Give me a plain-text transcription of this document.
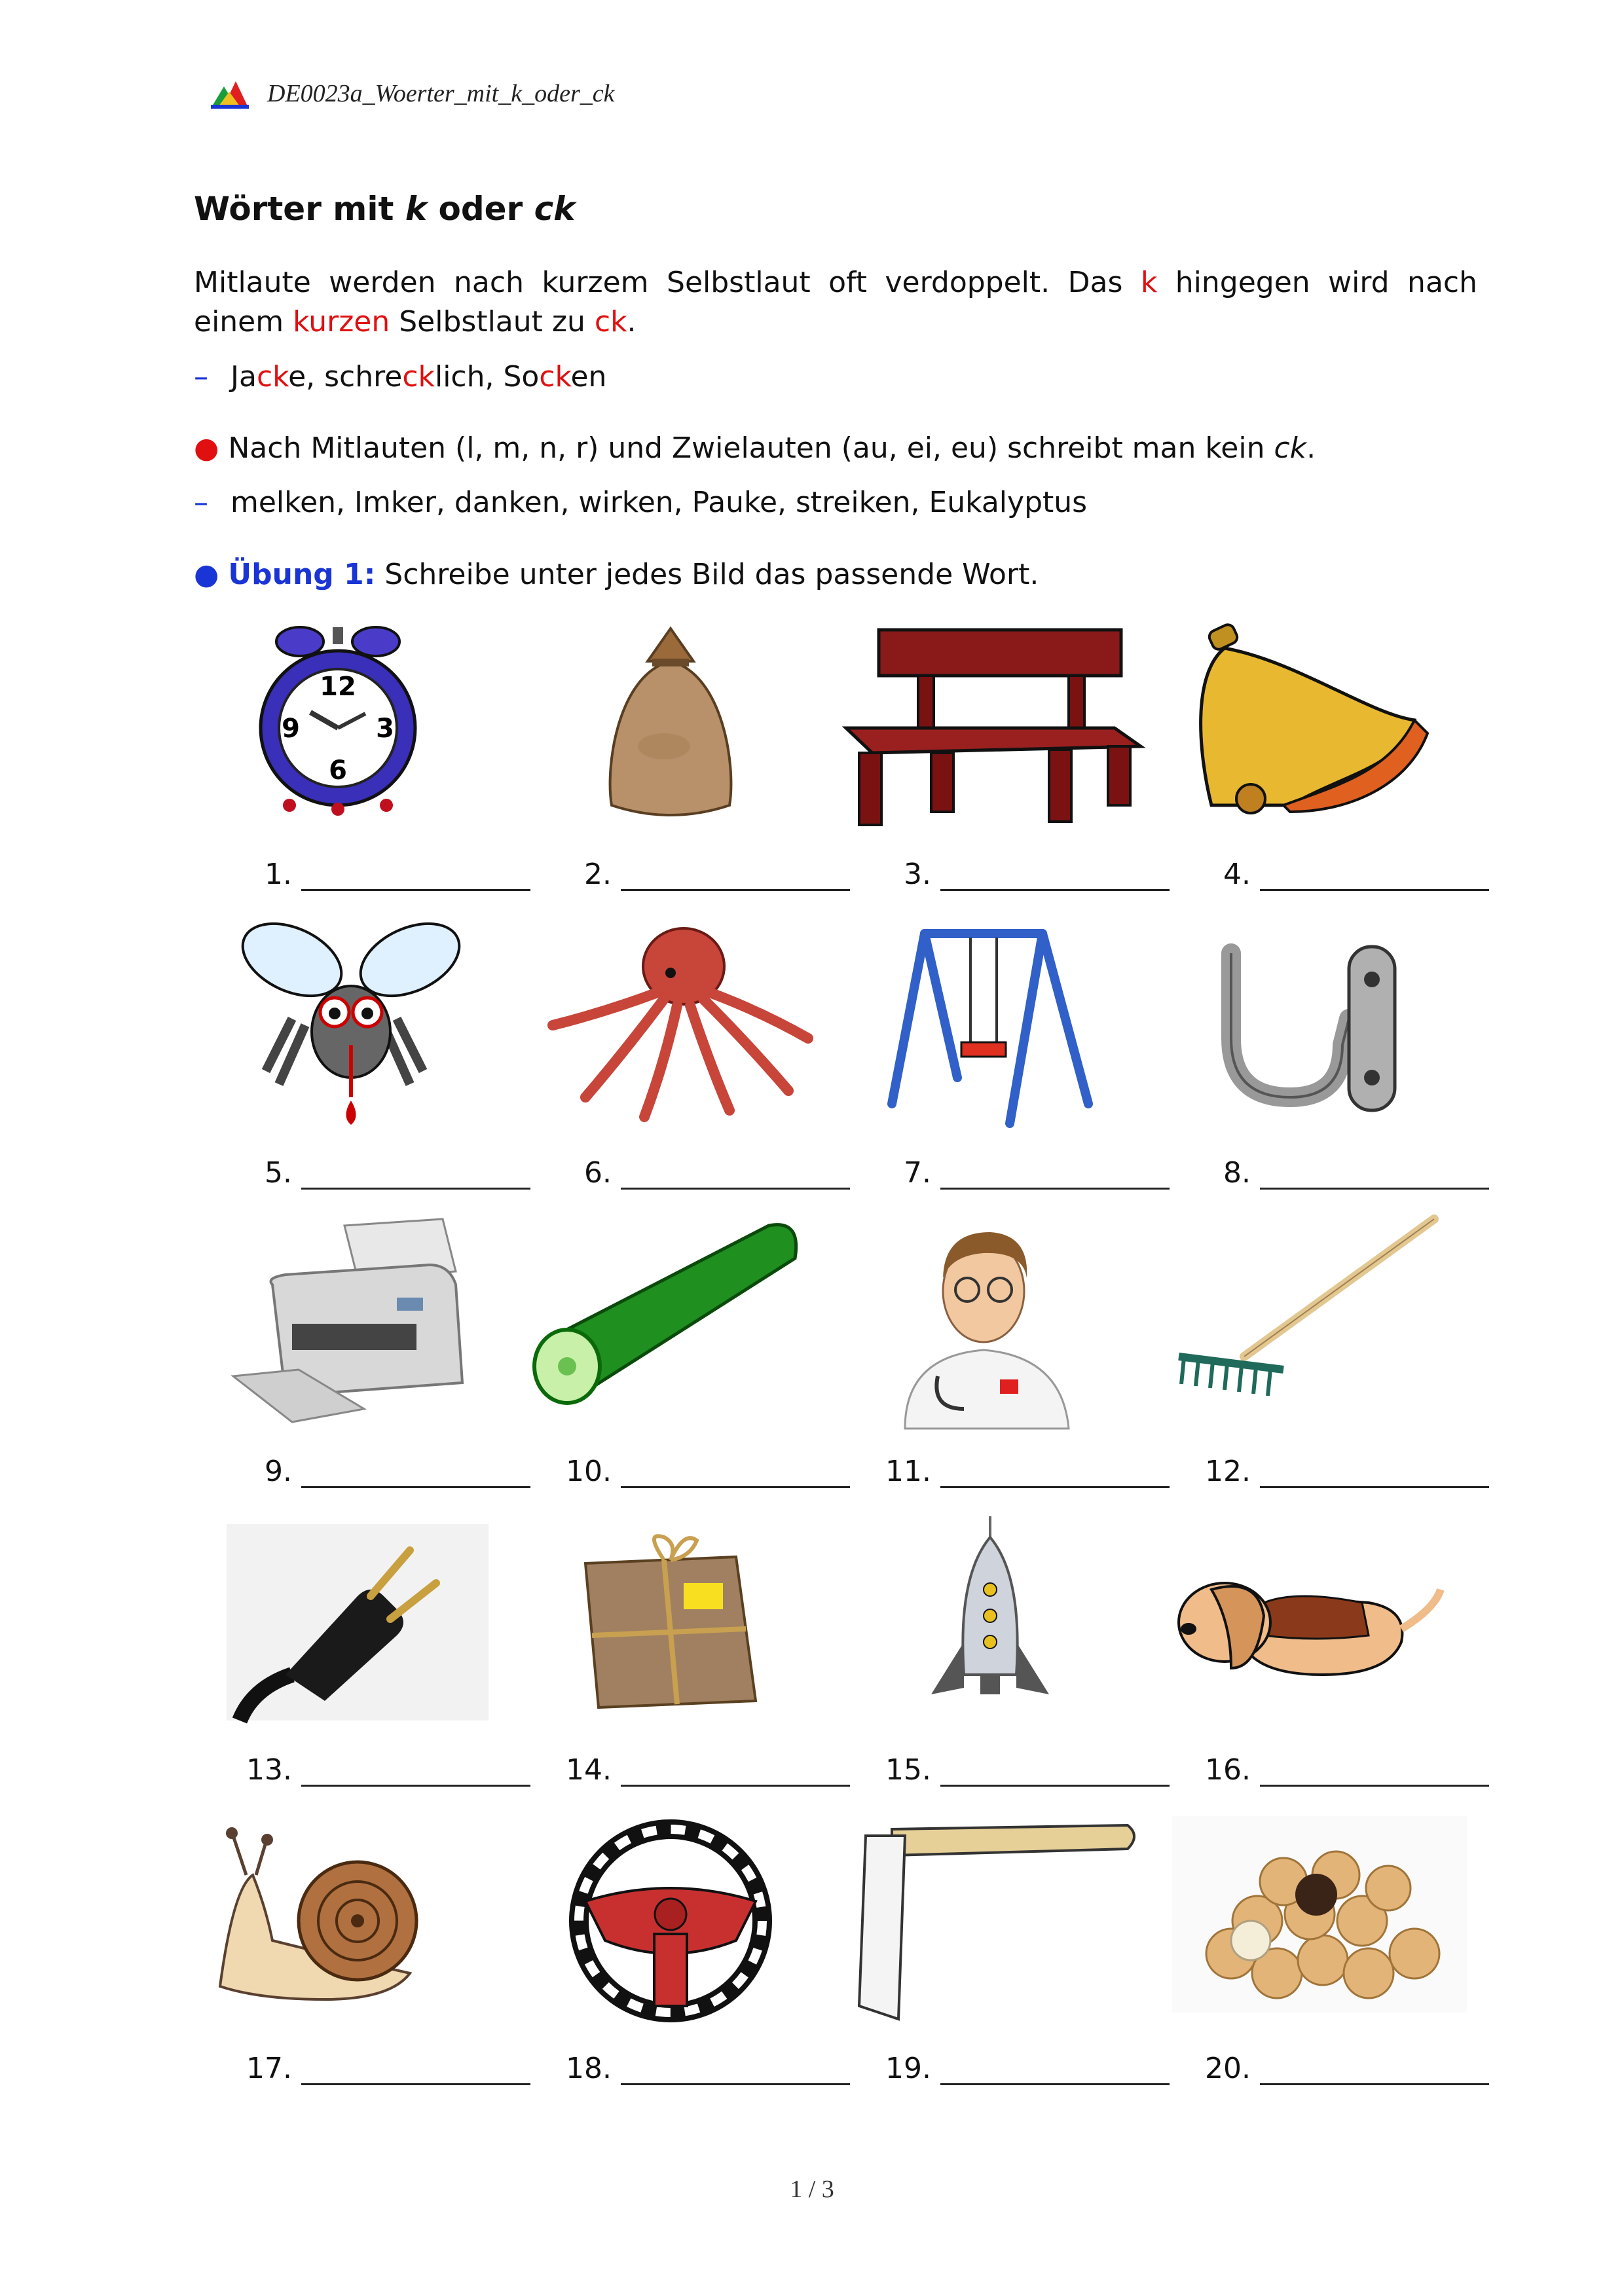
DE0023a_Woerter_mit_k_oder_ck
Wörter mit k oder ck

Mitlaute werden nach kurzem Selbstlaut oft verdoppelt. Das k hingegen wird nach einem kurzen Selbstlaut zu ck.

– Jacke, schrecklich, Socken
● Nach Mitlauten (l, m, n, r) und Zwielauten (au, ei, eu) schreibt man kein ck.
– melken, Imker, danken, wirken, Pauke, streiken, Eukalyptus
● Übung 1: Schreibe unter jedes Bild das passende Wort.
12
3
6
9
1.	2.	3.	4.
5.	6.	7.	8.
9.	10.	11.	12.
13.	14.	15.	16.
17.	18.	19.	20.
1 / 3
